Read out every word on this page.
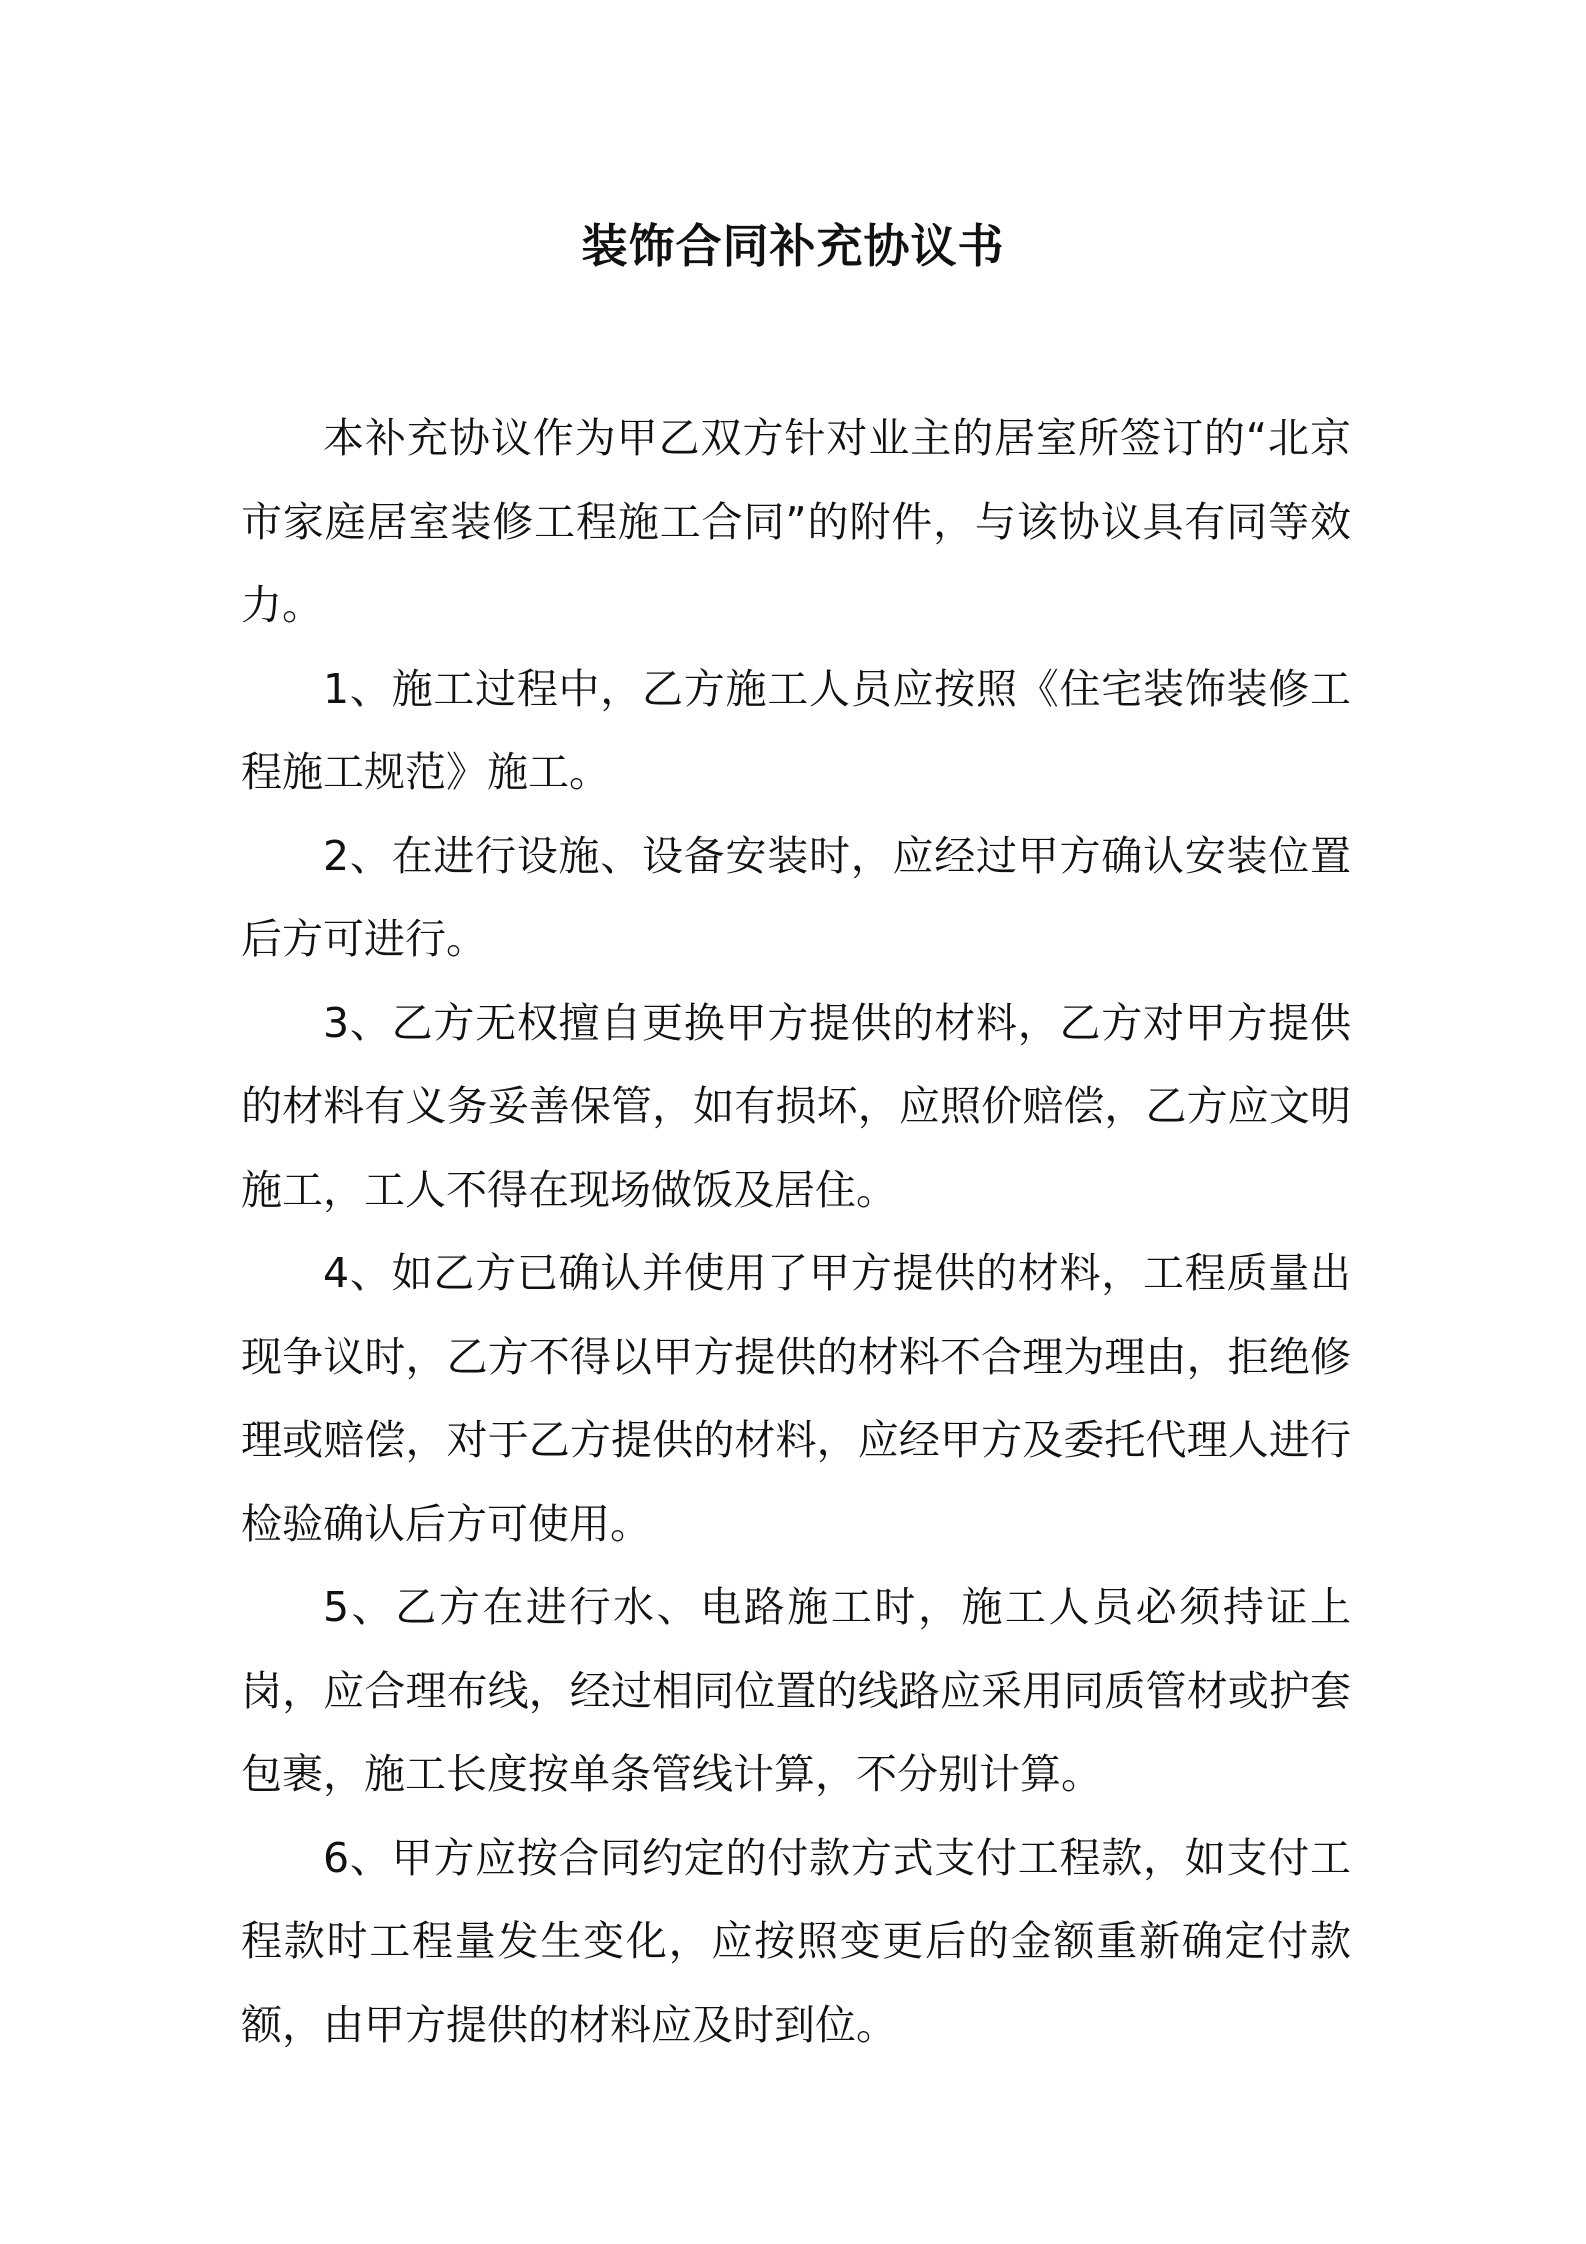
装饰合同补充协议书

本补充协议作为甲乙双方针对业主的居室所签订的“北京市家庭居室装修工程施工合同”的附件，与该协议具有同等效力。

1、施工过程中，乙方施工人员应按照《住宅装饰装修工程施工规范》施工。

2、在进行设施、设备安装时，应经过甲方确认安装位置后方可进行。

3、乙方无权擅自更换甲方提供的材料，乙方对甲方提供的材料有义务妥善保管，如有损坏，应照价赔偿，乙方应文明施工，工人不得在现场做饭及居住。

4、如乙方已确认并使用了甲方提供的材料，工程质量出现争议时，乙方不得以甲方提供的材料不合理为理由，拒绝修理或赔偿，对于乙方提供的材料，应经甲方及委托代理人进行检验确认后方可使用。

5、乙方在进行水、电路施工时，施工人员必须持证上岗，应合理布线，经过相同位置的线路应采用同质管材或护套包裹，施工长度按单条管线计算，不分别计算。

6、甲方应按合同约定的付款方式支付工程款，如支付工程款时工程量发生变化，应按照变更后的金额重新确定付款额，由甲方提供的材料应及时到位。
